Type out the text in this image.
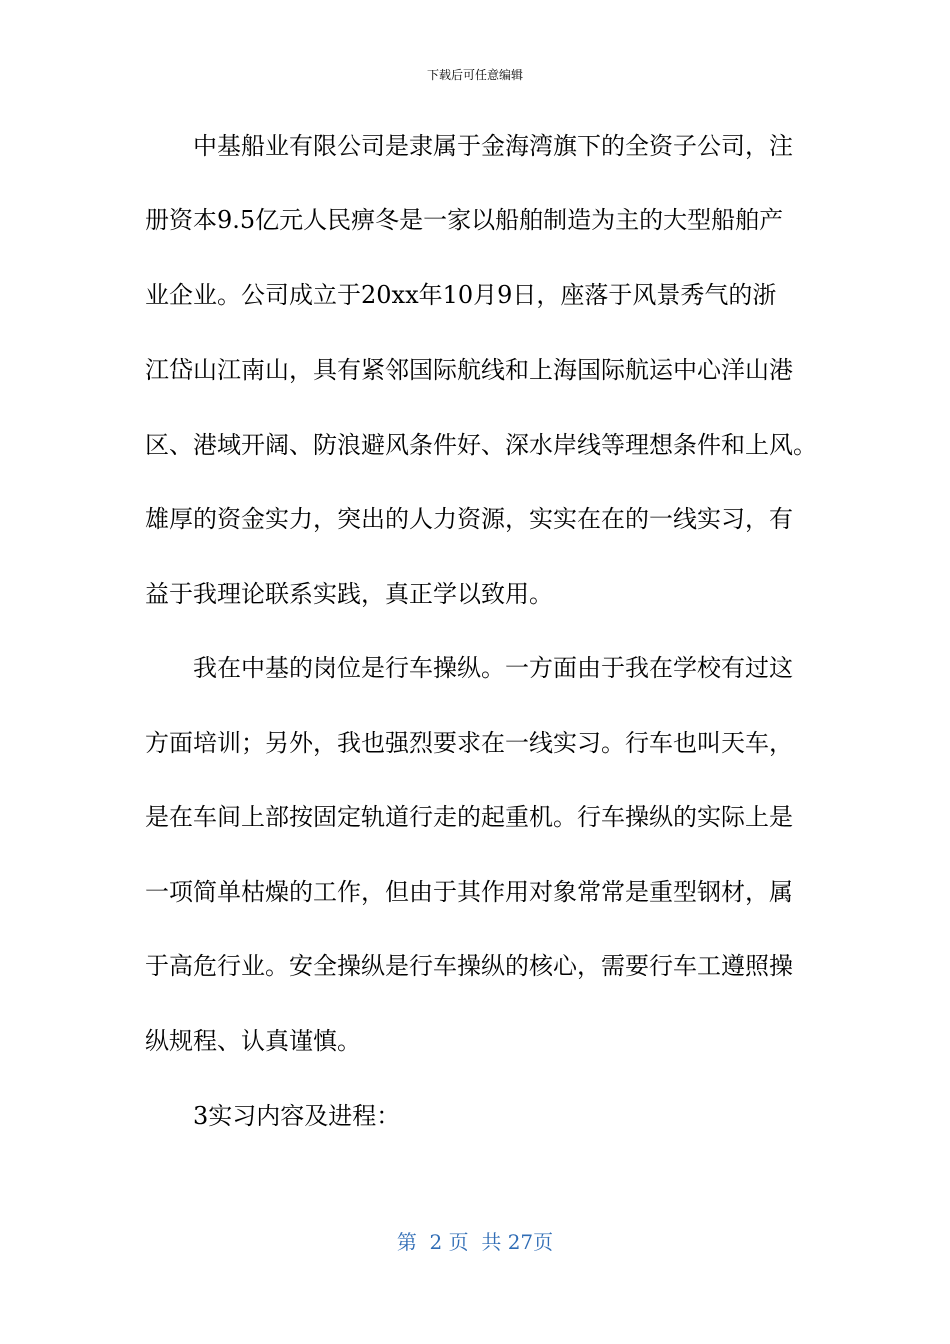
下载后可任意编辑
中基船业有限公司是隶属于金海湾旗下的全资子公司，注
册资本9.5亿元人民痹冬是一家以船舶制造为主的大型船舶产
业企业。公司成立于20xx年10月9日，座落于风景秀气的浙
江岱山江南山，具有紧邻国际航线和上海国际航运中心洋山港
区、港域开阔、防浪避风条件好、深水岸线等理想条件和上风。
雄厚的资金实力，突出的人力资源，实实在在的一线实习，有
益于我理论联系实践，真正学以致用。
我在中基的岗位是行车操纵。一方面由于我在学校有过这
方面培训；另外，我也强烈要求在一线实习。行车也叫天车，
是在车间上部按固定轨道行走的起重机。行车操纵的实际上是
一项简单枯燥的工作，但由于其作用对象常常是重型钢材，属
于高危行业。安全操纵是行车操纵的核心，需要行车工遵照操
纵规程、认真谨慎。
3实习内容及进程：
第  2 页  共 27页
